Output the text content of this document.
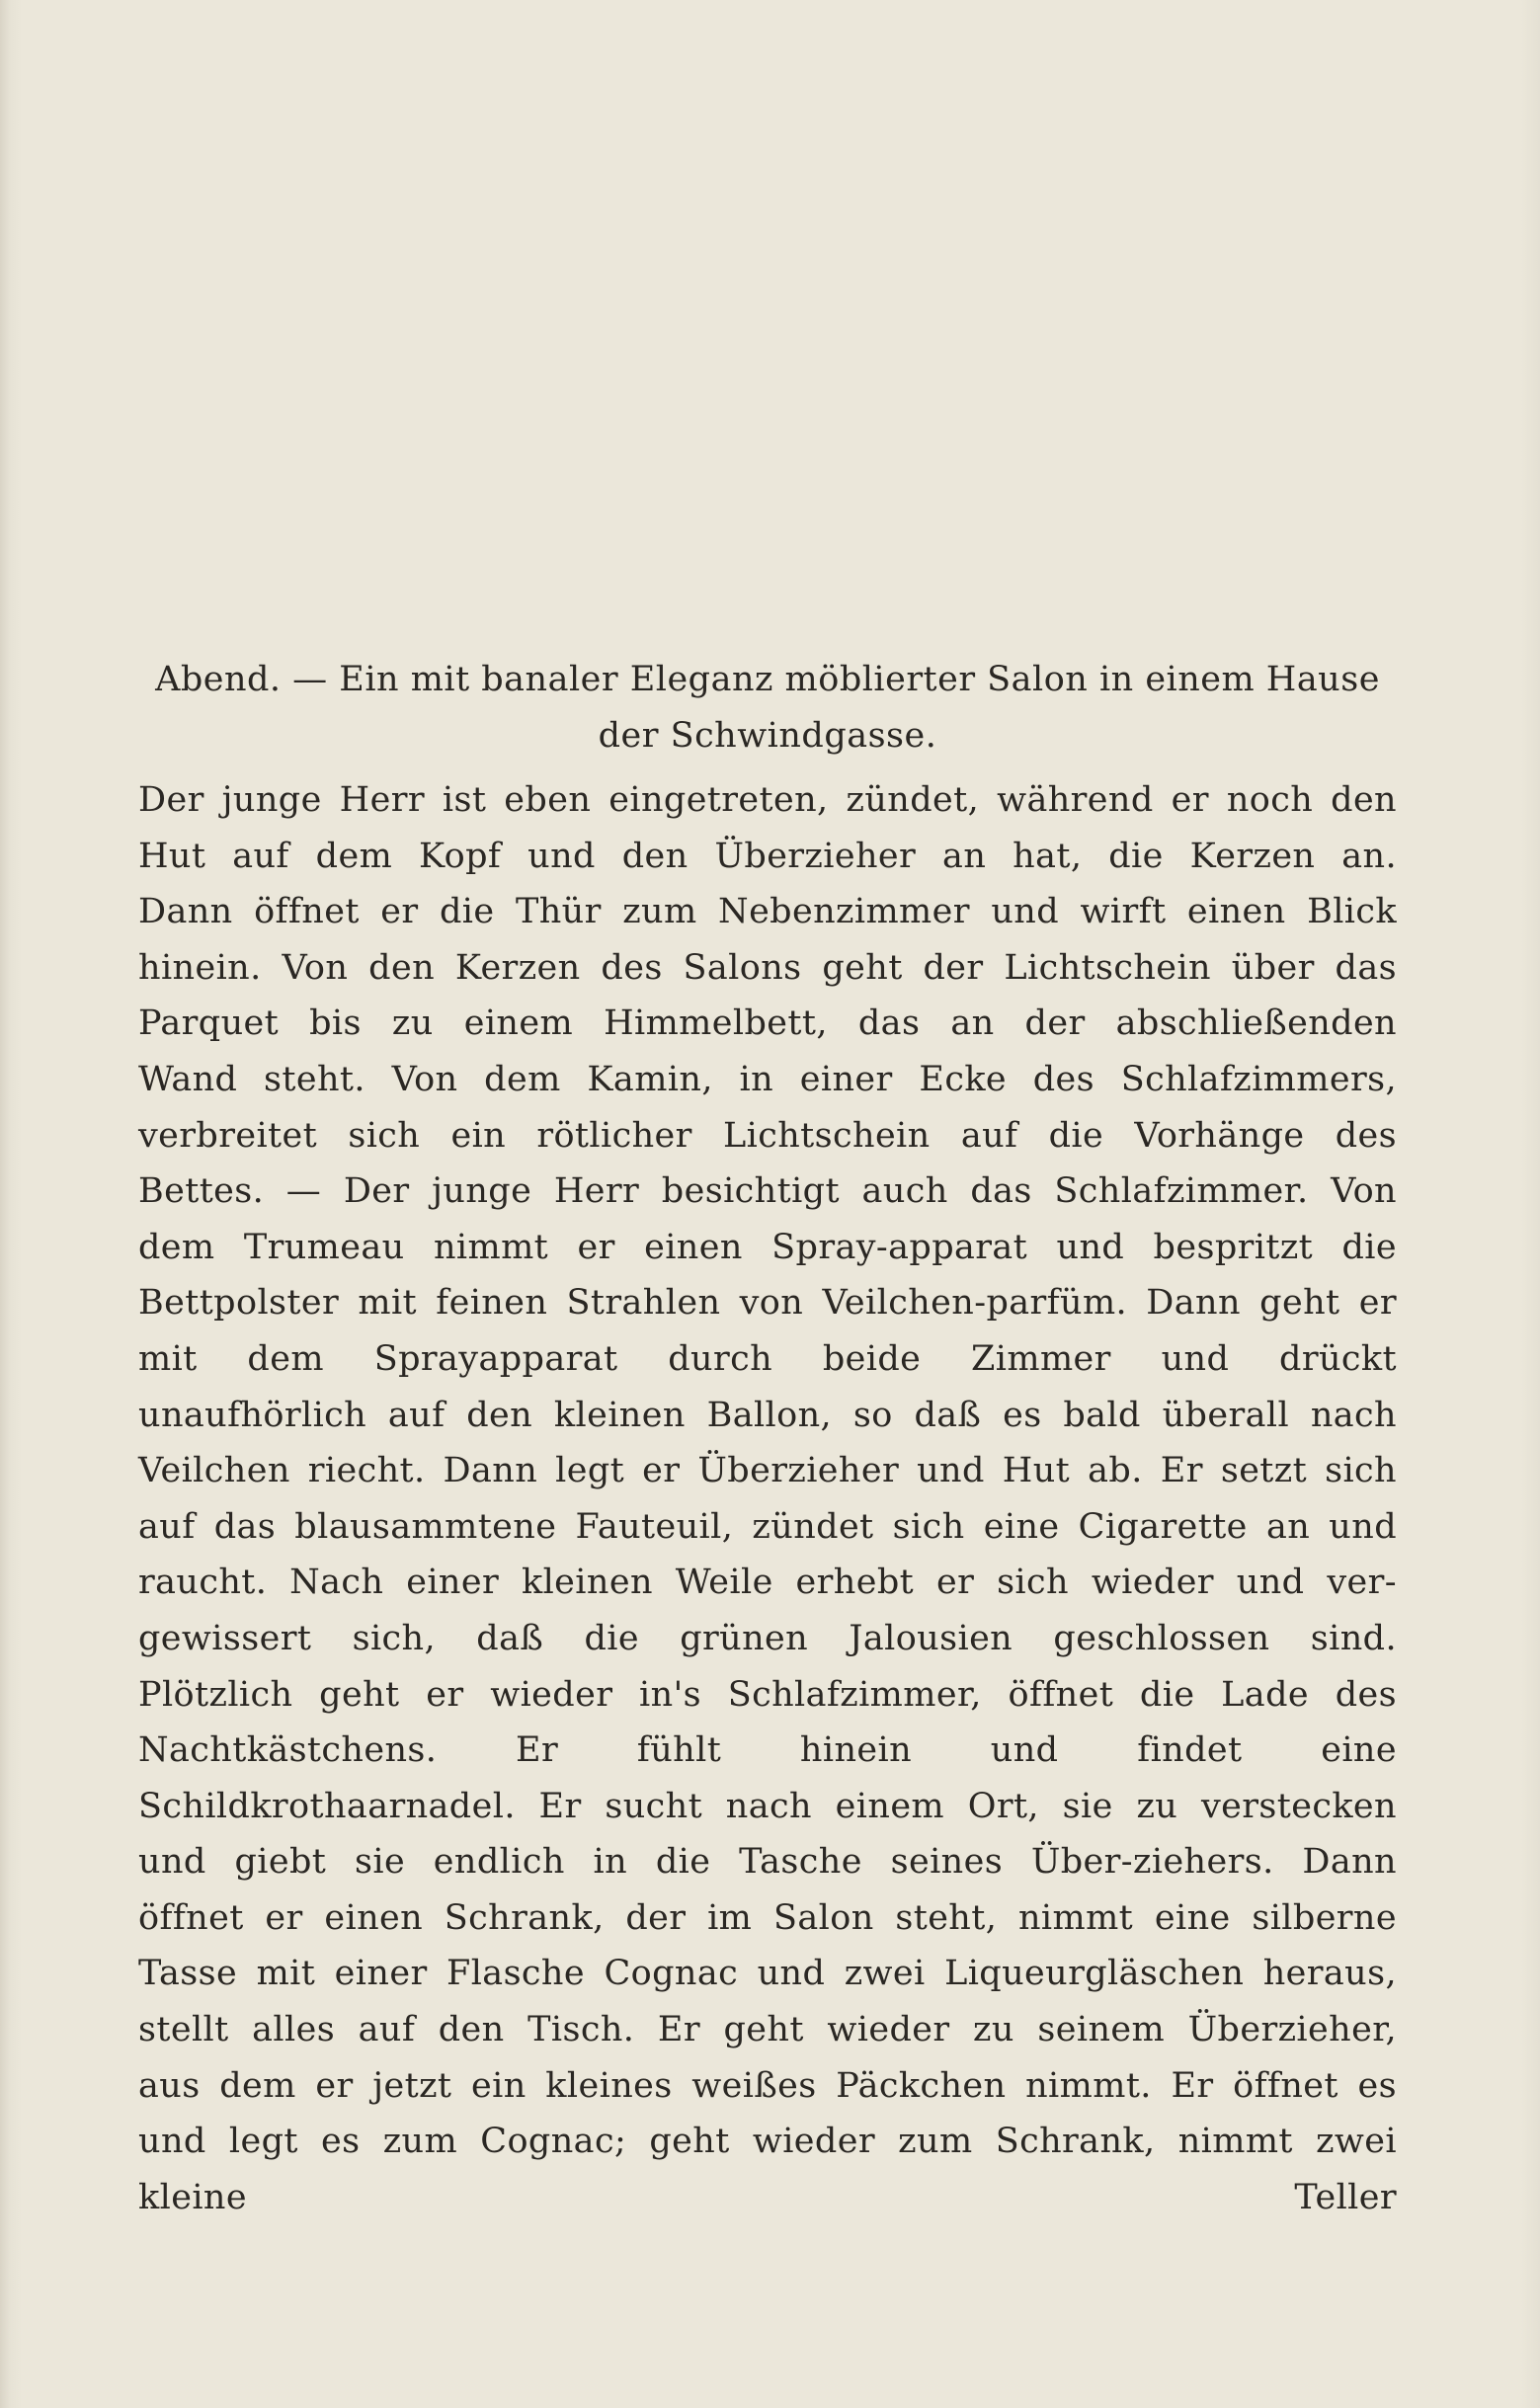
Abend. — Ein mit banaler Eleganz möblierter Salon in einem Hause der Schwindgasse.

Der junge Herr ist eben eingetreten, zündet, während er noch den Hut auf dem Kopf und den Überzieher an hat, die Kerzen an. Dann öffnet er die Thür zum Nebenzimmer und wirft einen Blick hinein. Von den Kerzen des Salons geht der Lichtschein über das Parquet bis zu einem Himmelbett, das an der abschließenden Wand steht. Von dem Kamin, in einer Ecke des Schlafzimmers, verbreitet sich ein rötlicher Lichtschein auf die Vorhänge des Bettes. — Der junge Herr besichtigt auch das Schlafzimmer. Von dem Trumeau nimmt er einen Spray-apparat und bespritzt die Bettpolster mit feinen Strahlen von Veilchen-parfüm. Dann geht er mit dem Sprayapparat durch beide Zimmer und drückt unaufhörlich auf den kleinen Ballon, so daß es bald überall nach Veilchen riecht. Dann legt er Überzieher und Hut ab. Er setzt sich auf das blausammtene Fauteuil, zündet sich eine Cigarette an und raucht. Nach einer kleinen Weile erhebt er sich wieder und ver-gewissert sich, daß die grünen Jalousien geschlossen sind. Plötzlich geht er wieder in's Schlafzimmer, öffnet die Lade des Nachtkästchens. Er fühlt hinein und findet eine Schildkrothaarnadel. Er sucht nach einem Ort, sie zu verstecken und giebt sie endlich in die Tasche seines Über-ziehers. Dann öffnet er einen Schrank, der im Salon steht, nimmt eine silberne Tasse mit einer Flasche Cognac und zwei Liqueurgläschen heraus, stellt alles auf den Tisch. Er geht wieder zu seinem Überzieher, aus dem er jetzt ein kleines weißes Päckchen nimmt. Er öffnet es und legt es zum Cognac; geht wieder zum Schrank, nimmt zwei kleine Teller
